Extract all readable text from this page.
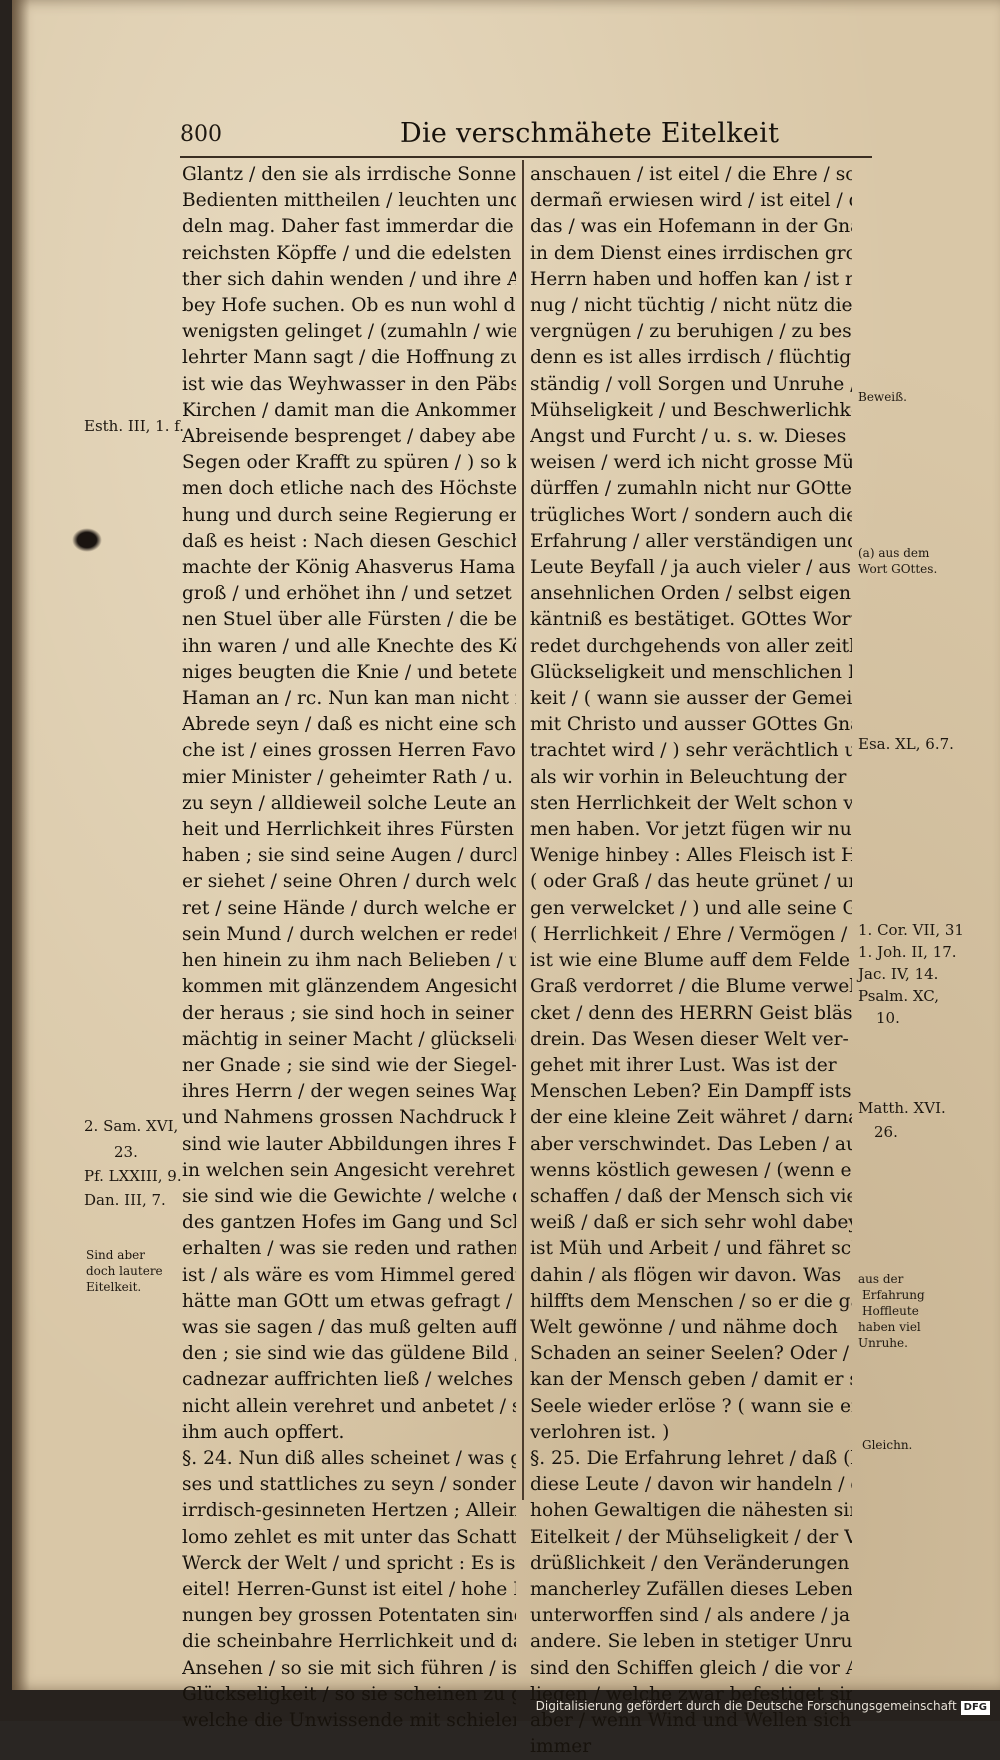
800	Die verschmähete Eitelkeit
Glantz / den sie als irrdische Sonne
Bedienten mittheilen / leuchten und
deln mag. Daher fast immerdar die
reichsten Köpffe / und die edelsten
ther sich dahin wenden / und ihre A
bey Hofe suchen. Ob es nun wohl den
wenigsten gelinget / (zumahln / wie
lehrter Mann sagt / die Hoffnung z
ist wie das Weyhwasser in den Päbs
Kirchen / damit man die Ankommen
Abreisende besprenget / dabey abe
Segen oder Krafft zu spüren / ) so k
men doch etliche nach des Höchste
hung und durch seine Regierung e
daß es heist : Nach diesen Geschic
machte der König Ahasverus Haman
groß / und erhöhet ihn / und setzet sei-
nen Stuel über alle Fürsten / die bey
ihn waren / und alle Knechte des Kö-
niges beugten die Knie / und beteten
Haman an / rc. Nun kan man nicht in
Abrede seyn / daß es nicht eine sch
che ist / eines grossen Herren Favo
mier Minister / geheimter Rath / u.
zu seyn / alldieweil solche Leute an
heit und Herrlichkeit ihres Fürsten
haben ; sie sind seine Augen / durc
er siehet / seine Ohren / durch welc
ret / seine Hände / durch welche er
sein Mund / durch welchen er redet
hen hinein zu ihm nach Belieben / und
kommen mit glänzendem Angesicht
der heraus ; sie sind hoch in seiner
mächtig in seiner Macht / glückseli
ner Gnade ; sie sind wie der Siegel
ihres Herrn / der wegen seines Wap
und Nahmens grossen Nachdruck h
sind wie lauter Abbildungen ihres H
in welchen sein Angesicht verehret
sie sind wie die Gewichte / welche
des gantzen Hofes im Gang und Sc
erhalten / was sie reden und rathen
ist / als wäre es vom Himmel gered
hätte man GOtt um etwas gefragt /
was sie sagen / das muß gelten auff Er-
den ; sie sind wie das güldene Bild
cadnezar auffrichten ließ / welches
nicht allein verehret und anbetet /
ihm auch opffert.
§. 24. Nun diß alles scheinet / was
ses und stattliches zu seyn / sonder
irrdisch-gesinneten Hertzen ; Allein
lomo zehlet es mit unter das Schatten-
Werck der Welt / und spricht : Es is
eitel! Herren-Gunst ist eitel / hohe
nungen bey grossen Potentaten sin
die scheinbahre Herrlichkeit und d
Ansehen / so sie mit sich führen / is
Glückseligkeit / so sie scheinen zu
welche die Unwissende mit schiele
anschauen / ist eitel / die Ehre / so
dermañ erwiesen wird / ist eitel /
das / was ein Hofemann in der Gn
in dem Dienst eines irrdischen gro
Herrn haben und hoffen kan / ist n
nug / nicht tüchtig / nicht nütz die
vergnügen / zu beruhigen / zu bes
denn es ist alles irrdisch / flüchtig
ständig / voll Sorgen und Unruhe
Mühseligkeit / und Beschwerlichk
Angst und Furcht / u. s. w. Dieses
weisen / werd ich nicht grosse Mü
dürffen / zumahln nicht nur GOtte
trügliches Wort / sondern auch die
Erfahrung / aller verständigen un
Leute Beyfall / ja auch vieler / aus
ansehnlichen Orden / selbst eigen
käntniß es bestätiget. GOttes Wort
redet durchgehends von aller zeitl
Glückseligkeit und menschlichen
keit / ( wann sie ausser der Gemei
mit Christo und ausser GOttes Gn
trachtet wird / ) sehr verächtlich u
als wir vorhin in Beleuchtung der
sten Herrlichkeit der Welt schon v
men haben. Vor jetzt fügen wir nu
Wenige hinbey : Alles Fleisch ist H
( oder Graß / das heute grünet / u
gen verwelcket / ) und alle seine G
( Herrlichkeit / Ehre / Vermögen /
ist wie eine Blume auff dem Felde
Graß verdorret / die Blume verwel-
cket / denn des HERRN Geist bläset
drein. Das Wesen dieser Welt ver-
gehet mit ihrer Lust. Was ist der
Menschen Leben? Ein Dampff ists /
der eine kleine Zeit währet / darnach
aber verschwindet. Das Leben / auch
wenns köstlich gewesen / (wenn e
schaffen / daß der Mensch sich vie
weiß / daß er sich sehr wohl dabe
ist Müh und Arbeit / und fähret sc
dahin / als flögen wir davon. Was
hilffts dem Menschen / so er die g
Welt gewönne / und nähme doch
Schaden an seiner Seelen? Oder /
kan der Mensch geben / damit er
Seele wieder erlöse ? ( wann sie e
verlohren ist. )
§. 25. Die Erfahrung lehret / daß (b)
diese Leute / davon wir handeln /
hohen Gewaltigen die nähesten si
Eitelkeit / der Mühseligkeit / der Ver-
drüßlichkeit / den Veränderungen
mancherley Zufällen dieses Leben
unterworffen sind / als andere / ja
andere. Sie leben in stetiger Unru
sind den Schiffen gleich / die vor
liegen / welche zwar befestiget sin
aber / wenn Wind und Wellen sich
immer
Esth. III, 1. f.
2. Sam. XVI,
23.
Pf. LXXIII, 9.
Dan. III, 7.
Sind aber
doch lautere
Eitelkeit.
Beweiß.
(a) aus dem
Wort GOttes.
Esa. XL, 6.7.
1. Cor. VII, 31
1. Joh. II, 17.
Jac. IV, 14.
Psalm. XC,
10.
Matth. XVI.
26.
aus der
Erfahrung
Hoffleute
haben viel
Unruhe.
Gleichn.
Digitalisierung gefördert durch die Deutsche Forschungsgemeinschaft DFG
